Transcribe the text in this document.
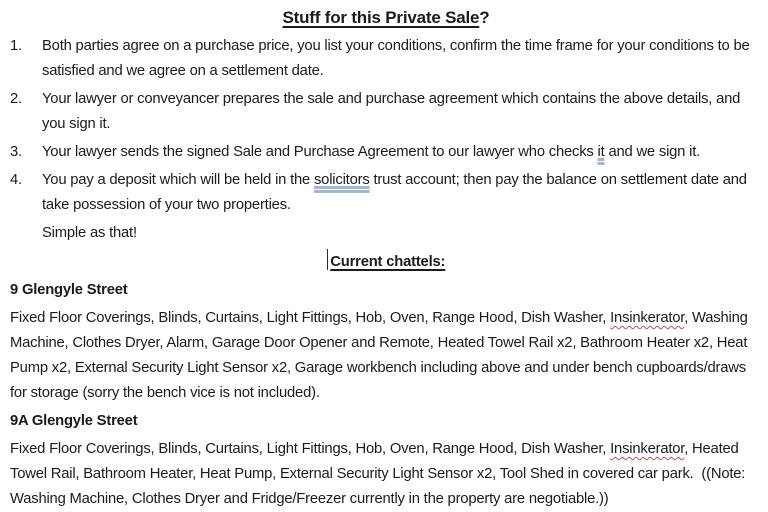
Stuff for this Private Sale?
1.	Both parties agree on a purchase price, you list your conditions, confirm the time frame for your conditions to be satisfied and we agree on a settlement date.
2.	Your lawyer or conveyancer prepares the sale and purchase agreement which contains the above details, and you sign it.
3.	Your lawyer sends the signed Sale and Purchase Agreement to our lawyer who checks it and we sign it.
4.	You pay a deposit which will be held in the solicitors trust account; then pay the balance on settlement date and take possession of your two properties.
Simple as that!
Current chattels:
9 Glengyle Street

Fixed Floor Coverings, Blinds, Curtains, Light Fittings, Hob, Oven, Range Hood, Dish Washer, Insinkerator, Washing Machine, Clothes Dryer, Alarm, Garage Door Opener and Remote, Heated Towel Rail x2, Bathroom Heater x2, Heat Pump x2, External Security Light Sensor x2, Garage workbench including above and under bench cupboards/draws for storage (sorry the bench vice is not included).

9A Glengyle Street

Fixed Floor Coverings, Blinds, Curtains, Light Fittings, Hob, Oven, Range Hood, Dish Washer, Insinkerator, Heated Towel Rail, Bathroom Heater, Heat Pump, External Security Light Sensor x2, Tool Shed in covered car park.  ((Note: Washing Machine, Clothes Dryer and Fridge/Freezer currently in the property are negotiable.))
